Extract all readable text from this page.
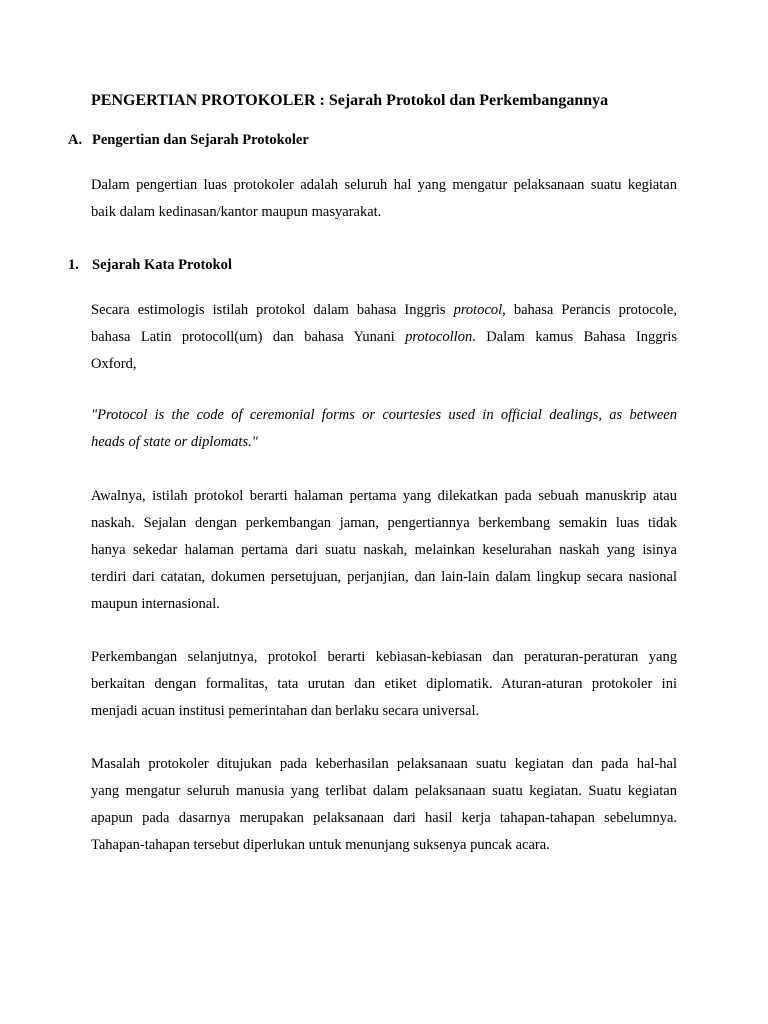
PENGERTIAN PROTOKOLER : Sejarah Protokol dan Perkembangannya
A. Pengertian dan Sejarah Protokoler
Dalam pengertian luas protokoler adalah seluruh hal yang mengatur pelaksanaan suatu kegiatan
baik dalam kedinasan/kantor maupun masyarakat.
1. Sejarah Kata Protokol
Secara estimologis istilah protokol dalam bahasa Inggris protocol, bahasa Perancis protocole,
bahasa Latin protocoll(um) dan bahasa Yunani protocollon. Dalam kamus Bahasa Inggris
Oxford,
"Protocol is the code of ceremonial forms or courtesies used in official dealings, as between
heads of state or diplomats."
Awalnya, istilah protokol berarti halaman pertama yang dilekatkan pada sebuah manuskrip atau
naskah. Sejalan dengan perkembangan jaman, pengertiannya berkembang semakin luas tidak
hanya sekedar halaman pertama dari suatu naskah, melainkan keselurahan naskah yang isinya
terdiri dari catatan, dokumen persetujuan, perjanjian, dan lain-lain dalam lingkup secara nasional
maupun internasional.
Perkembangan selanjutnya, protokol berarti kebiasan-kebiasan dan peraturan-peraturan yang
berkaitan dengan formalitas, tata urutan dan etiket diplomatik. Aturan-aturan protokoler ini
menjadi acuan institusi pemerintahan dan berlaku secara universal.
Masalah protokoler ditujukan pada keberhasilan pelaksanaan suatu kegiatan dan pada hal-hal
yang mengatur seluruh manusia yang terlibat dalam pelaksanaan suatu kegiatan. Suatu kegiatan
apapun pada dasarnya merupakan pelaksanaan dari hasil kerja tahapan-tahapan sebelumnya.
Tahapan-tahapan tersebut diperlukan untuk menunjang suksenya puncak acara.
